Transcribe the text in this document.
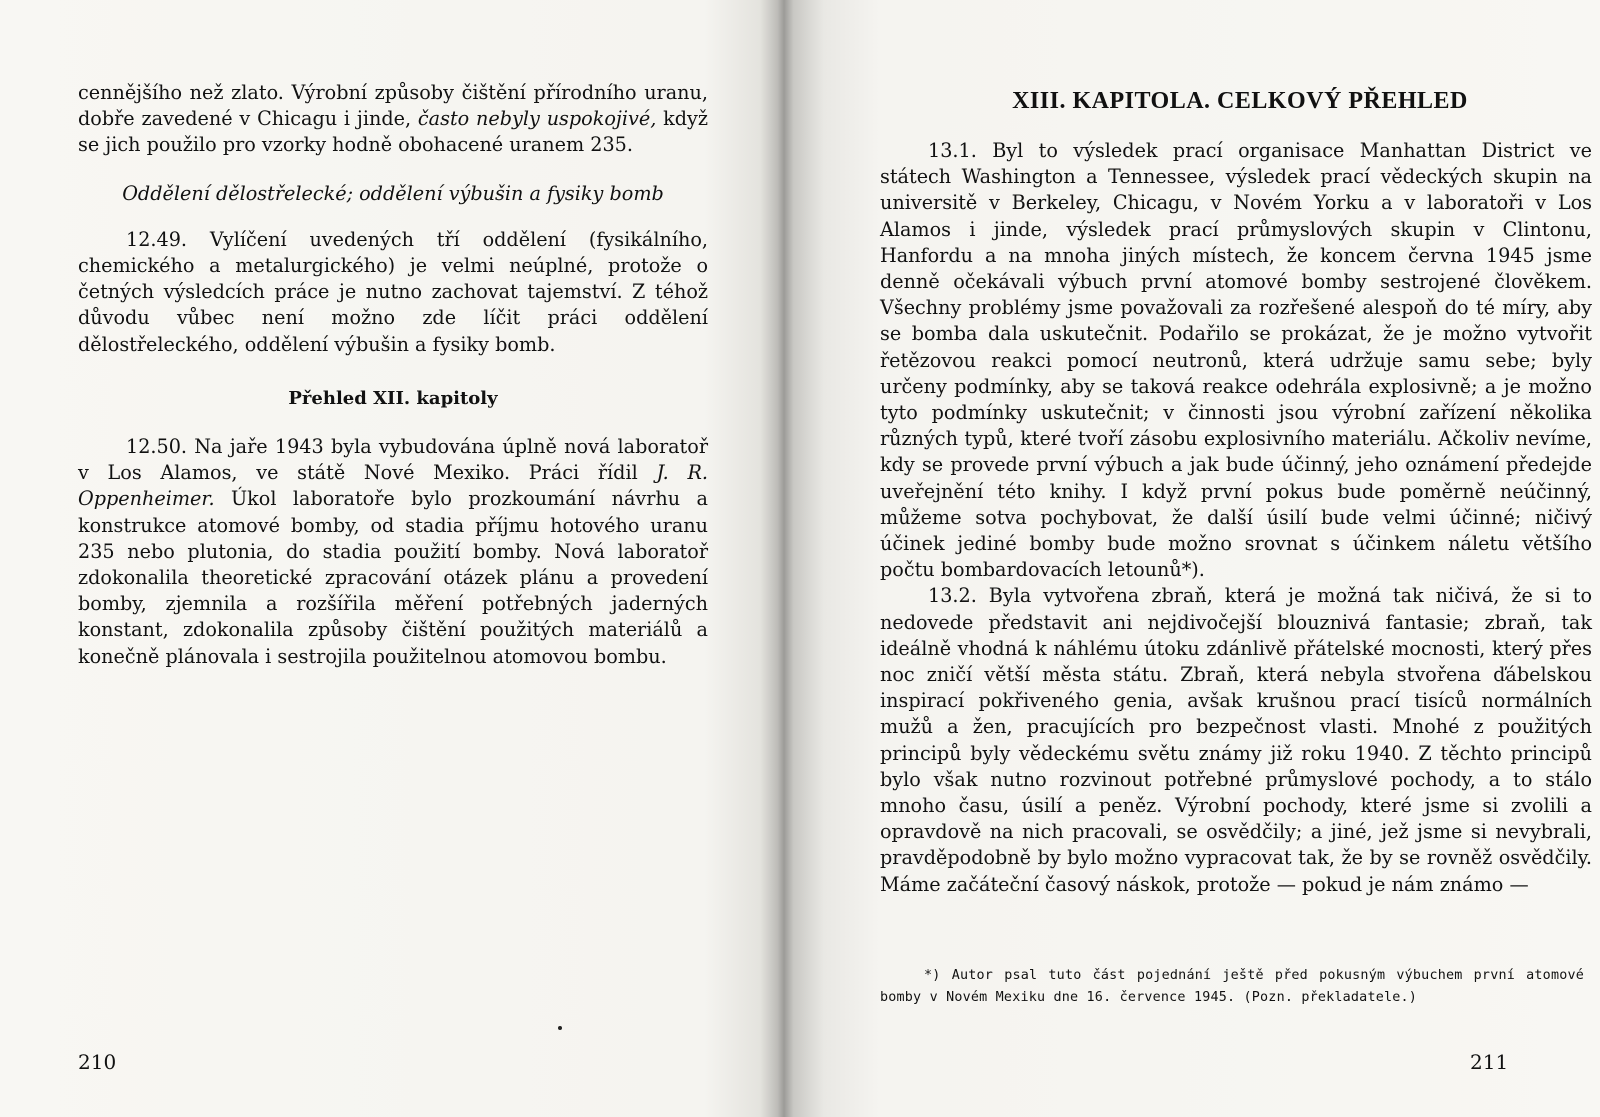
cennějšího než zlato. Výrobní způsoby čištění přírodního uranu, dobře zavedené v Chicagu i jinde, často nebyly uspokojivé, když se jich použilo pro vzorky hodně obohacené uranem 235.

Oddělení dělostřelecké; oddělení výbušin a fysiky bomb

12.49. Vylíčení uvedených tří oddělení (fysikálního, chemického a metalurgického) je velmi neúplné, protože o četných výsledcích práce je nutno zachovat tajemství. Z téhož důvodu vůbec není možno zde líčit práci oddělení dělostřeleckého, oddělení výbušin a fysiky bomb.

Přehled XII. kapitoly

12.50. Na jaře 1943 byla vybudována úplně nová laboratoř v Los Alamos, ve státě Nové Mexiko. Práci řídil J. R. Oppenheimer. Úkol laboratoře bylo prozkoumání návrhu a konstrukce atomové bomby, od stadia příjmu hotového uranu 235 nebo plutonia, do stadia použití bomby. Nová laboratoř zdokonalila theoretické zpracování otázek plánu a provedení bomby, zjemnila a rozšířila měření potřebných jaderných konstant, zdokonalila způsoby čištění použitých materiálů a konečně plánovala i sestrojila použitelnou atomovou bombu.

210
XIII. KAPITOLA. CELKOVÝ PŘEHLED

13.1. Byl to výsledek prací organisace Manhattan District ve státech Washington a Tennessee, výsledek prací vědeckých skupin na universitě v Berkeley, Chicagu, v Novém Yorku a v laboratoři v Los Alamos i jinde, výsledek prací průmyslových skupin v Clintonu, Hanfordu a na mnoha jiných místech, že koncem června 1945 jsme denně očekávali výbuch první atomové bomby sestrojené člověkem. Všechny problémy jsme považovali za rozřešené alespoň do té míry, aby se bomba dala uskutečnit. Podařilo se prokázat, že je možno vytvořit řetězovou reakci pomocí neutronů, která udržuje samu sebe; byly určeny podmínky, aby se taková reakce odehrála explosivně; a je možno tyto podmínky uskutečnit; v činnosti jsou výrobní zařízení několika různých typů, které tvoří zásobu explosivního materiálu. Ačkoliv nevíme, kdy se provede první výbuch a jak bude účinný, jeho oznámení předejde uveřejnění této knihy. I když první pokus bude poměrně neúčinný, můžeme sotva pochybovat, že další úsilí bude velmi účinné; ničivý účinek jediné bomby bude možno srovnat s účinkem náletu většího počtu bombardovacích letounů*).

13.2. Byla vytvořena zbraň, která je možná tak ničivá, že si to nedovede představit ani nejdivočejší blouznivá fantasie; zbraň, tak ideálně vhodná k náhlému útoku zdánlivě přátelské mocnosti, který přes noc zničí větší města státu. Zbraň, která nebyla stvořena ďábelskou inspirací pokřiveného genia, avšak krušnou prací tisíců normálních mužů a žen, pracujících pro bezpečnost vlasti. Mnohé z použitých principů byly vědeckému světu známy již roku 1940. Z těchto principů bylo však nutno rozvinout potřebné průmyslové pochody, a to stálo mnoho času, úsilí a peněz. Výrobní pochody, které jsme si zvolili a opravdově na nich pracovali, se osvědčily; a jiné, jež jsme si nevybrali, pravděpodobně by bylo možno vypracovat tak, že by se rovněž osvědčily. Máme začáteční časový náskok, protože — pokud je nám známo —

*) Autor psal tuto část pojednání ještě před pokusným výbuchem první atomové bomby v Novém Mexiku dne 16. července 1945. (Pozn. překladatele.)

211
